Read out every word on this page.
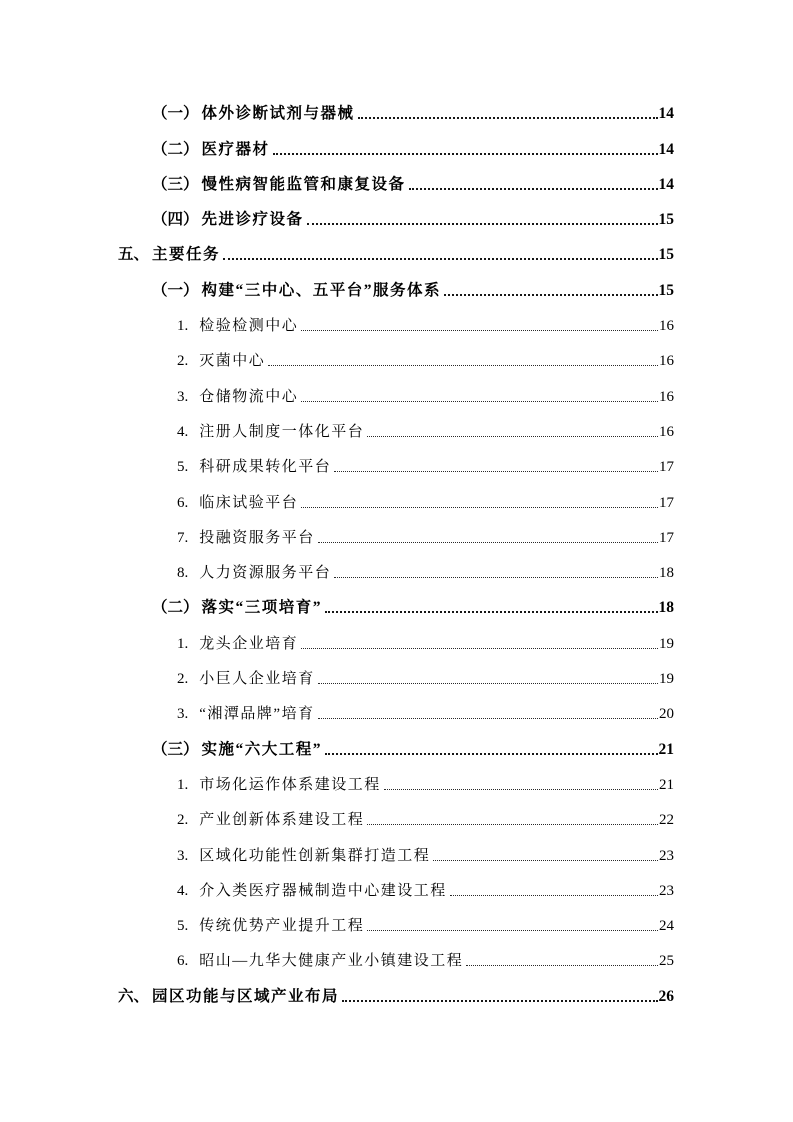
（一） 体外诊断试剂与器械	14
（二） 医疗器材	14
（三） 慢性病智能监管和康复设备	14
（四） 先进诊疗设备	15
五、 主要任务	15
（一） 构建“三中心、五平台”服务体系	15
1. 检验检测中心	16
2. 灭菌中心	16
3. 仓储物流中心	16
4. 注册人制度一体化平台	16
5. 科研成果转化平台	17
6. 临床试验平台	17
7. 投融资服务平台	17
8. 人力资源服务平台	18
（二） 落实“三项培育”	18
1. 龙头企业培育	19
2. 小巨人企业培育	19
3. “湘潭品牌”培育	20
（三） 实施“六大工程”	21
1. 市场化运作体系建设工程	21
2. 产业创新体系建设工程	22
3. 区域化功能性创新集群打造工程	23
4. 介入类医疗器械制造中心建设工程	23
5. 传统优势产业提升工程	24
6. 昭山—九华大健康产业小镇建设工程	25
六、 园区功能与区域产业布局	26
